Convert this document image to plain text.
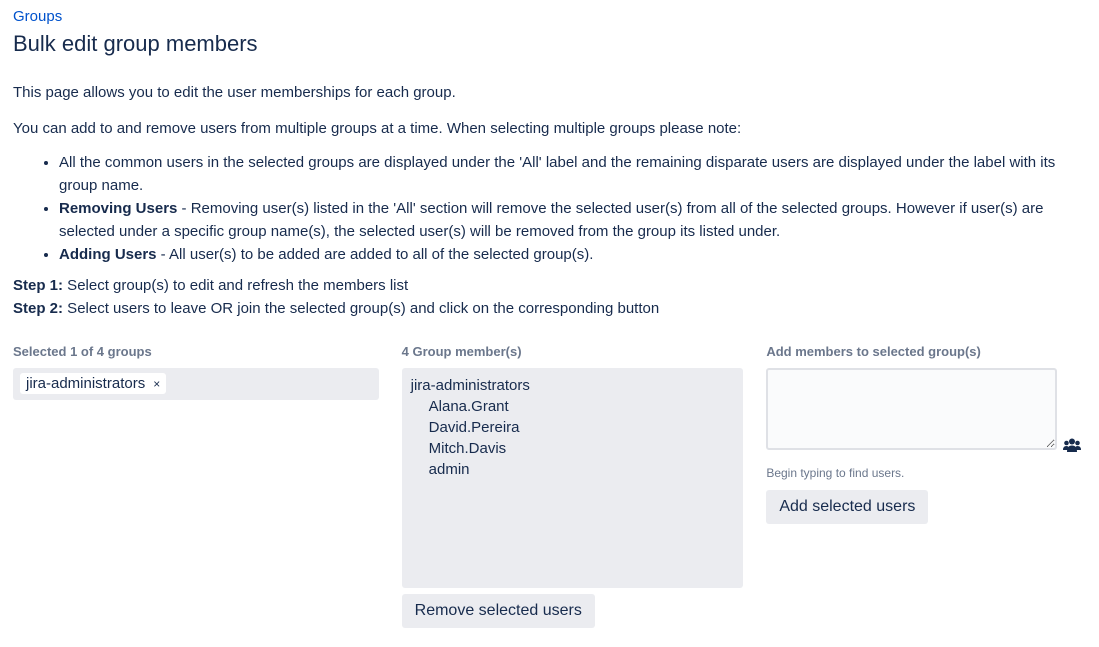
Groups
Bulk edit group members

This page allows you to edit the user memberships for each group.

You can add to and remove users from multiple groups at a time. When selecting multiple groups please note:

• All the common users in the selected groups are displayed under the 'All' label and the remaining disparate users are displayed under the label with its group name.
• Removing Users - Removing user(s) listed in the 'All' section will remove the selected user(s) from all of the selected groups. However if user(s) are selected under a specific group name(s), the selected user(s) will be removed from the group its listed under.
• Adding Users - All user(s) to be added are added to all of the selected group(s).
Step 1: Select group(s) to edit and refresh the members list
Step 2: Select users to leave OR join the selected group(s) and click on the corresponding button
Selected 1 of 4 groups
jira-administrators ×
4 Group member(s)
jira-administrators
Alana.Grant
David.Pereira
Mitch.Davis
admin
Remove selected users
Add members to selected group(s)
Begin typing to find users.
Add selected users
